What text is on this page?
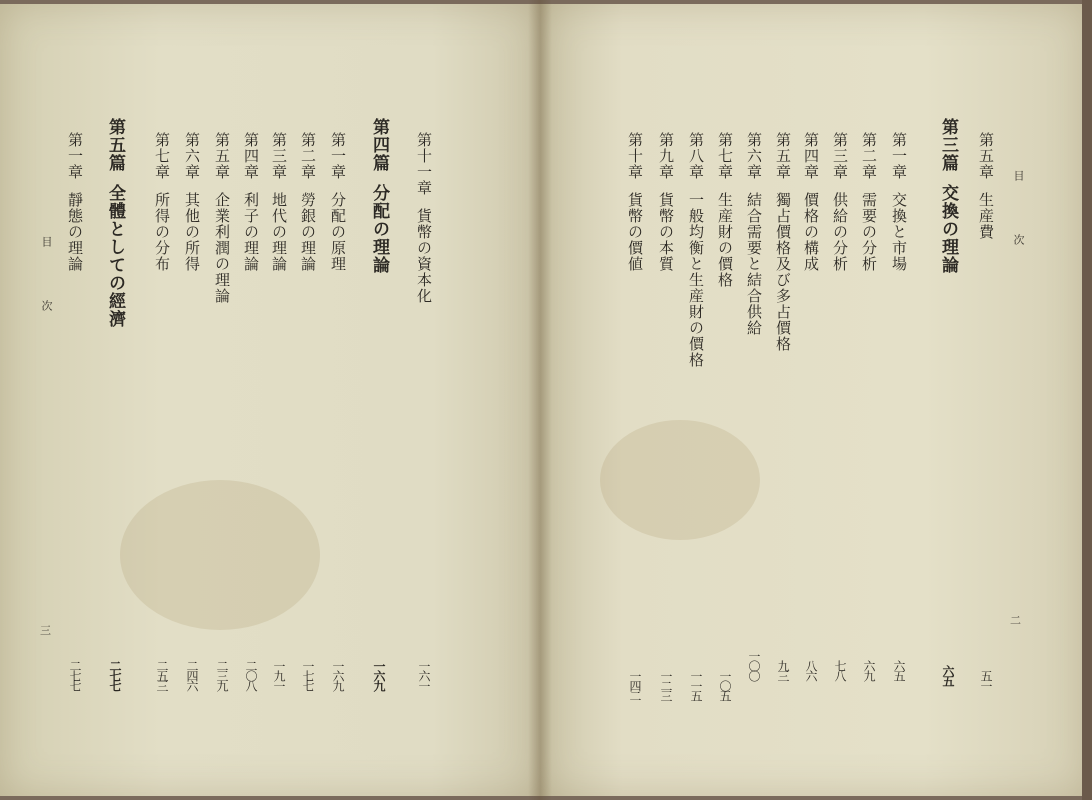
目 次
二
目 次
三
第五章
生産費
五一
第三篇
交換の理論
六五
第一章
交換と市場
六五
第二章
需要の分析
六九
第三章
供給の分析
七八
第四章
價格の構成
八六
第五章
獨占價格及び多占價格
九三
第六章
結合需要と結合供給
一〇〇
第七章
生産財の價格
一〇五
第八章
一般均衡と生産財の價格
一一五
第九章
貨幣の本質
一二三
第十章
貨幣の價値
一四二
第十一章
貨幣の資本化
一六一
第四篇
分配の理論
一六九
第一章
分配の原理
一六九
第二章
勞銀の理論
一七七
第三章
地代の理論
一九一
第四章
利子の理論
二〇八
第五章
企業利潤の理論
二三九
第六章
其他の所得
二四六
第七章
所得の分布
二五三
第五篇
全體としての經濟
二七七
第一章
靜態の理論
二七七
